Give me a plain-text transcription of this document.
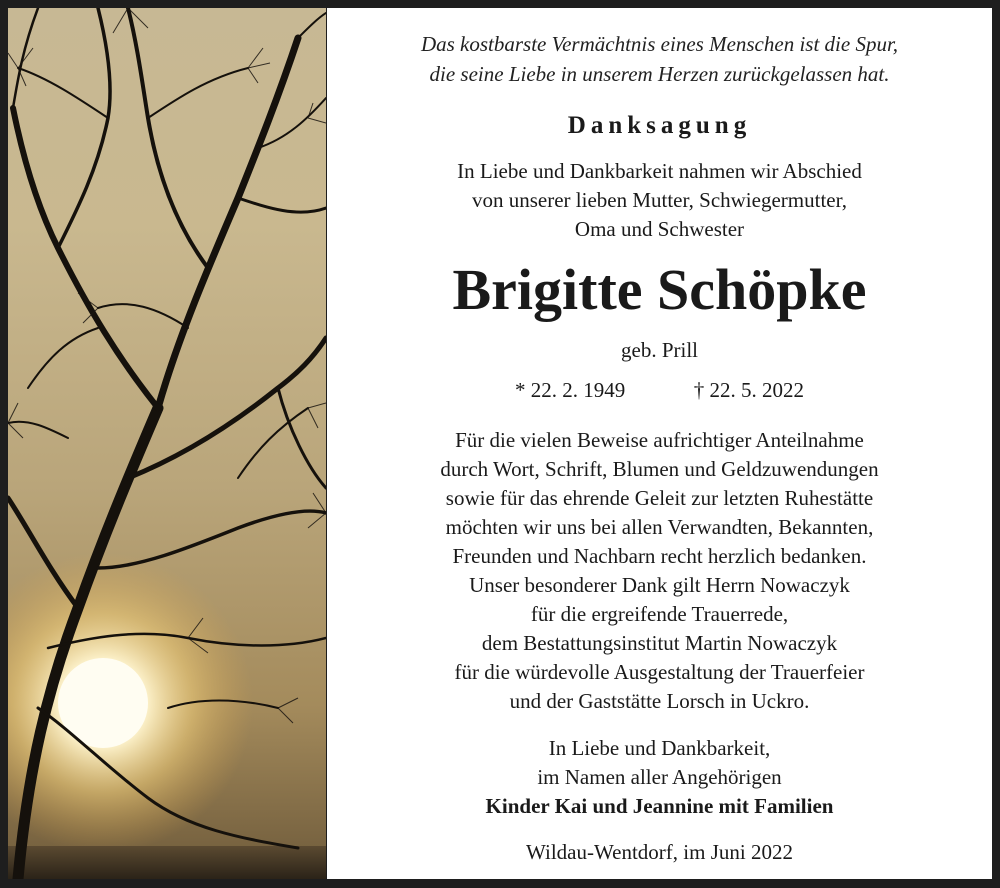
Das kostbarste Vermächtnis eines Menschen ist die Spur,
die seine Liebe in unserem Herzen zurückgelassen hat.
Danksagung
In Liebe und Dankbarkeit nahmen wir Abschied
von unserer lieben Mutter, Schwiegermutter,
Oma und Schwester
Brigitte Schöpke
geb. Prill
* 22. 2. 1949	† 22. 5. 2022
Für die vielen Beweise aufrichtiger Anteilnahme
durch Wort, Schrift, Blumen und Geldzuwendungen
sowie für das ehrende Geleit zur letzten Ruhestätte
möchten wir uns bei allen Verwandten, Bekannten,
Freunden und Nachbarn recht herzlich bedanken.
Unser besonderer Dank gilt Herrn Nowaczyk
für die ergreifende Trauerrede,
dem Bestattungsinstitut Martin Nowaczyk
für die würdevolle Ausgestaltung der Trauerfeier
und der Gaststätte Lorsch in Uckro.
In Liebe und Dankbarkeit,
im Namen aller Angehörigen
Kinder Kai und Jeannine mit Familien
Wildau-Wentdorf, im Juni 2022
